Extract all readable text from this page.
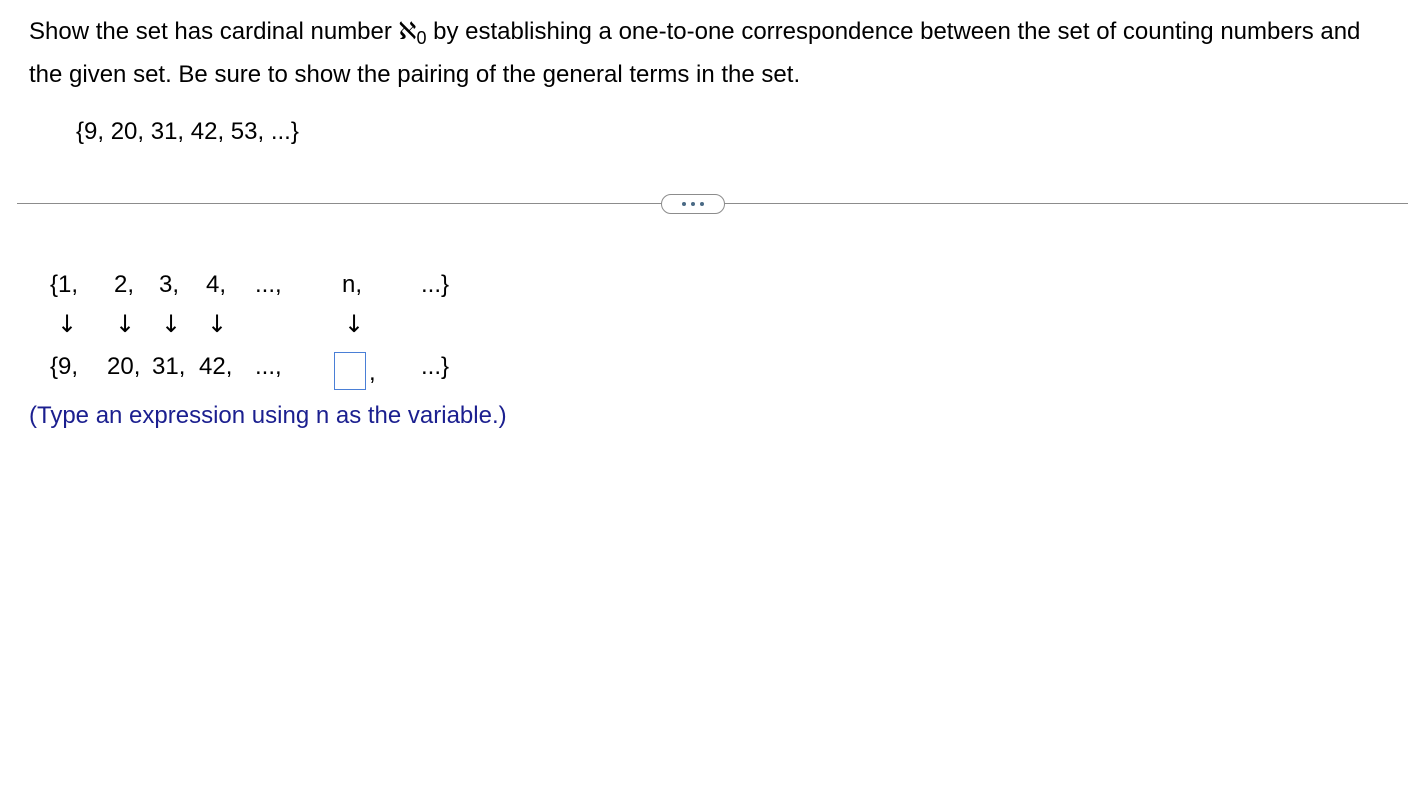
Show the set has cardinal number ℵ$_0$ by establishing a one-to-one correspondence between the set of counting numbers and the given set. Be sure to show the pairing of the general terms in the set.
{9, 20, 31, 42, 53, ...}
{1, 2, 3, 4, ...,	n, ...}
↓ ↓ ↓ ↓	↓
{9, 20, 31, 42, ...,	, ...}
(Type an expression using n as the variable.)
